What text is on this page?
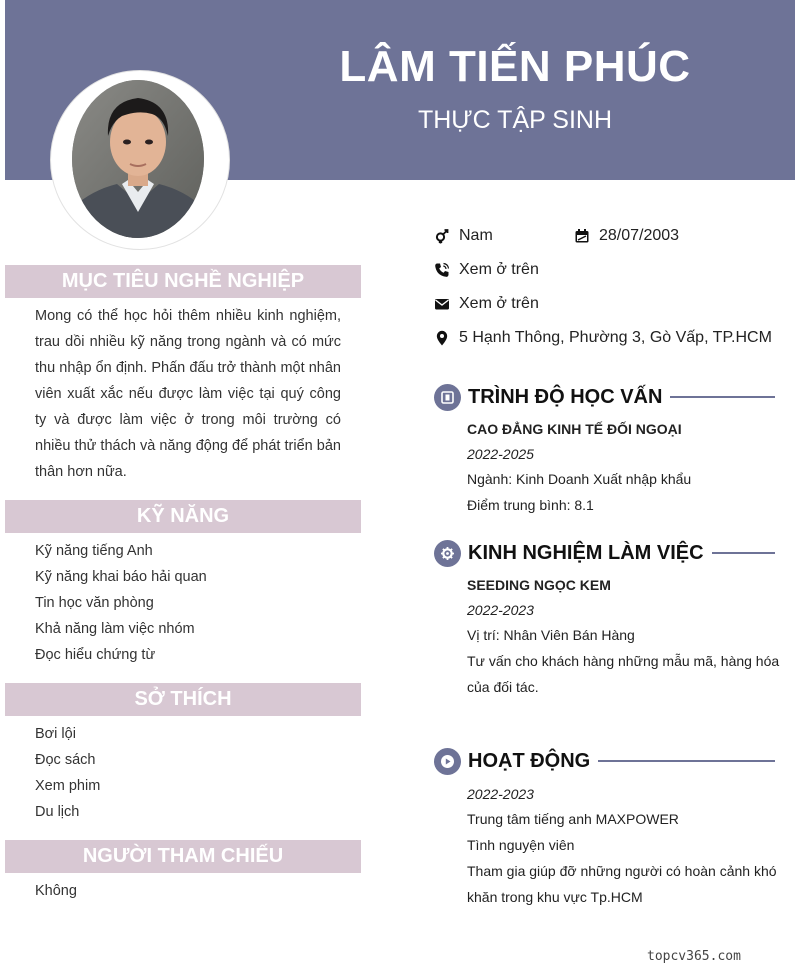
LÂM TIẾN PHÚC
THỰC TẬP SINH
MỤC TIÊU NGHỀ NGHIỆP
Mong có thể học hỏi thêm nhiều kinh nghiệm, trau dồi nhiều kỹ năng trong ngành và có mức thu nhập ổn định. Phấn đấu trở thành một nhân viên xuất xắc nếu được làm việc tại quý công ty và được làm việc ở trong môi trường có nhiều thử thách và năng động để phát triển bản thân hơn nữa.
KỸ NĂNG
Kỹ năng tiếng Anh
Kỹ năng khai báo hải quan
Tin học văn phòng
Khả năng làm việc nhóm
Đọc hiểu chứng từ
SỞ THÍCH
Bơi lội
Đọc sách
Xem phim
Du lịch
NGƯỜI THAM CHIẾU
Không
Nam	28/07/2003
Xem ở trên
Xem ở trên
5 Hạnh Thông, Phường 3, Gò Vấp, TP.HCM
TRÌNH ĐỘ HỌC VẤN
CAO ĐẲNG KINH TẾ ĐỐI NGOẠI
2022-2025
Ngành: Kinh Doanh Xuất nhập khẩu
Điểm trung bình: 8.1
KINH NGHIỆM LÀM VIỆC
SEEDING NGỌC KEM
2022-2023
Vị trí: Nhân Viên Bán Hàng
Tư vấn cho khách hàng những mẫu mã, hàng hóa của đối tác.
HOẠT ĐỘNG
2022-2023
Trung tâm tiếng anh MAXPOWER
Tình nguyện viên
Tham gia giúp đỡ những người có hoàn cảnh khó khăn trong khu vực Tp.HCM
topcv365.com
